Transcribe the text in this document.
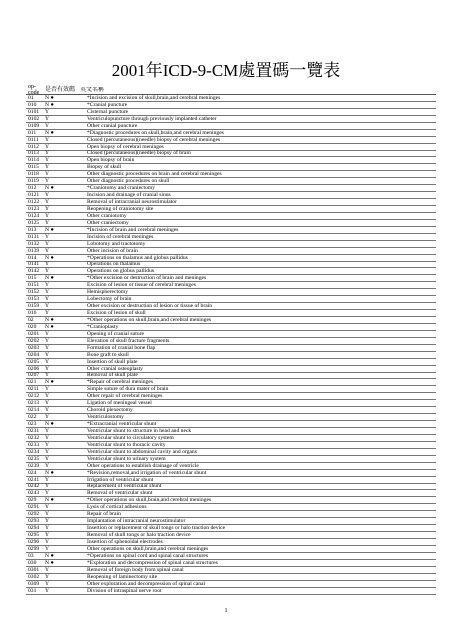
2001年ICD-9-CM處置碼一覽表
op-code 是否有效碼 英文名稱
01	N ●	*Incision and excision of skull,brain,and cerebral meninges
010	N ●	*Cranial puncture
0101	Y	Cisternal puncture
0102	Y	Ventriculopuncture through previously implanted catheter
0109	Y	Other cranial puncture
011	N ●	*Diagnostic procedures on skull,brain,and cerebral meninges
0111	Y	Closed (percutaneous)(needle) biopsy of cerebral meninges
0112	Y	Open biopsy of cerebral meninges
0113	Y	Closed (percutaneous)(needle) biopsy of brain
0114	Y	Open biopsy of brain
0115	Y	Biopsy of skull
0118	Y	Other diagnostic procedures on brain and cerebral meninges
0119	Y	Other diagnostic procedures on skull
012	N ●	*Craniotomy and craniectomy
0121	Y	Incision and drainage of cranial sinus
0122	Y	Removal of intracranial neurostimulator
0123	Y	Reopening of craniotomy site
0124	Y	Other craniotomy
0125	Y	Other craniectomy
013	N ●	*Incision of brain and cerebral meninges
0131	Y	Incision of cerebral meninges
0132	Y	Lobotomy and tractotomy
0139	Y	Other incision of brain
014	N ●	*Operations on thalamus and globus pallidus
0141	Y	Operations on thalamus
0142	Y	Operations on globus pallidus
015	N ●	*Other excision or destruction of brain and meninges
0151	Y	Excision of lesion or tissue of cerebral meninges
0152	Y	Hemispherectomy
0153	Y	Lobectomy of brain
0159	Y	Other excision or destruction of lesion or tissue of brain
016	Y	Excision of lesion of skull
02	N ●	*Other operations on skull,brain,and cerebral meninges
020	N ●	*Cranioplasty
0201	Y	Opening of cranial suture
0202	Y	Elevation of skull fracture fragments
0203	Y	Formation of cranial bone flap
0204	Y	Bone graft to skull
0205	Y	Insertion of skull plate
0206	Y	Other cranial osteoplasty
0207	Y	Removal of skull plate
021	N ●	*Repair of cerebral meninges
0211	Y	Simple suture of dura mater of brain
0212	Y	Other repair of cerebral meninges
0213	Y	Ligation of meningeal vessel
0214	Y	Choroid plexectomy
022	Y	Ventriculostomy
023	N ●	*Extracranial ventricular shunt
0231	Y	Ventricular shunt to structure in head and neck
0232	Y	Ventricular shunt to circulatory system
0233	Y	Ventricular shunt to thoracic cavity
0234	Y	Ventricular shunt to abdominal cavity and organs
0235	Y	Ventricular shunt to urinary system
0239	Y	Other operations to establish drainage of ventricle
024	N ●	*Revision,removal,and irrigation of ventricular shunt
0241	Y	Irrigation of ventricular shunt
0242	Y	Replacement of ventricular shunt
0243	Y	Removal of ventricular shunt
029	N ●	*Other operations on skull,brain,and cerebral meninges
0291	Y	Lysis of cortical adhesions
0292	Y	Repair of brain
0293	Y	Implantation of intracranial neurostimulator
0294	Y	Insertion or replacement of skull tongs or halo traction device
0295	Y	Removal of skull tongs or halo traction device
0296	Y	Insertion of sphenoidal electrodes
0299	Y	Other operations on skull,brain,and cerebral meninges
03	N ●	*Operations on spinal cord and spinal canal structures
030	N ●	*Exploration and decompression of spinal canal structures
0301	Y	Removal of foreign body from spinal canal
0302	Y	Reopening of laminectomy site
0309	Y	Other exploration and decompression of spinal canal
031	Y	Division of intraspinal nerve root
1
